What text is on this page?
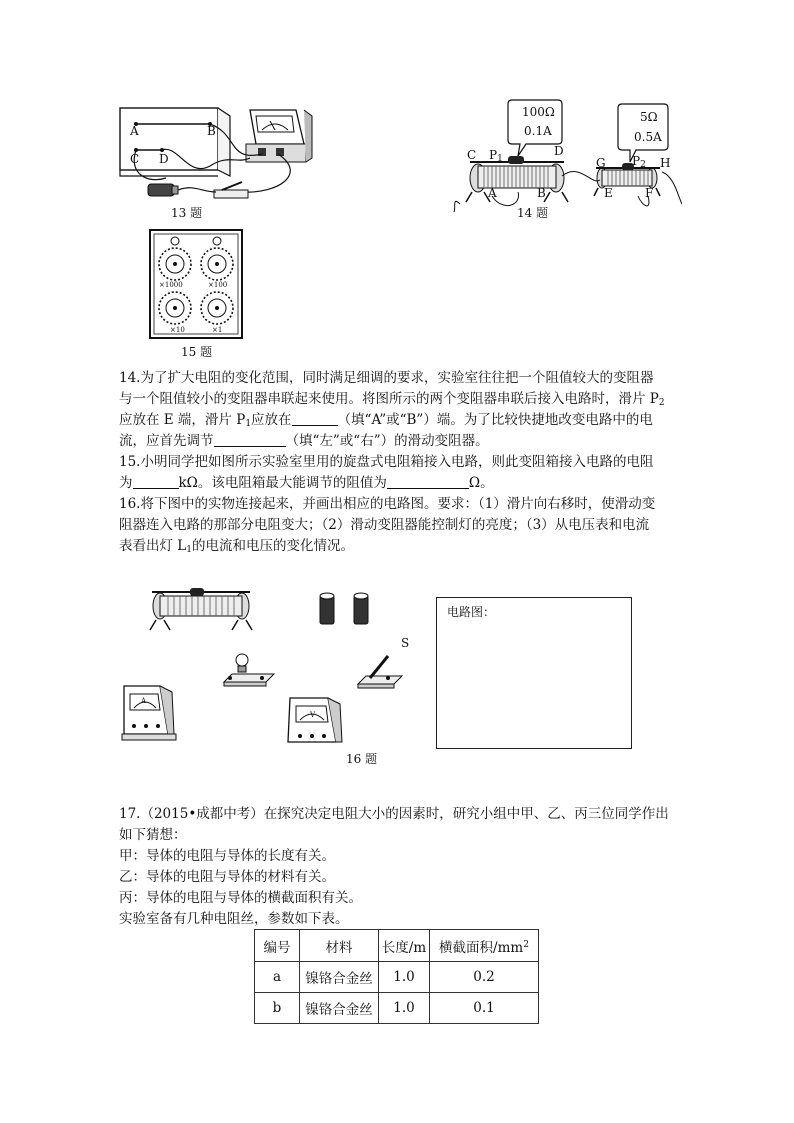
A	B
C D
13 题
100Ω
0.1A
5Ω
0.5A
C $P_1$
D
A	B
G $P_2$ H
E	F
14 题
×1000	×100
×10	×1
15 题
14.为了扩大电阻的变化范围，同时满足细调的要求，实验室往往把一个阻值较大的变阻器
与一个阻值较小的变阻器串联起来使用。将图所示的两个变阻器串联后接入电路时，滑片 $P_2$
应放在 E 端，滑片 $P_1$应放在	（填“A”或“B”）端。为了比较快捷地改变电路中的电
流，应首先调节	（填“左”或“右”）的滑动变阻器。
15.小明同学把如图所示实验室里用的旋盘式电阻箱接入电路，则此变阻箱接入电路的电阻
为	kΩ。该电阻箱最大能调节的阻值为	Ω。
16.将下图中的实物连接起来，并画出相应的电路图。要求：（1）滑片向右移时，使滑动变
阻器连入电路的那部分电阻变大；（2）滑动变阻器能控制灯的亮度；（3）从电压表和电流
表看出灯 $L_1$的电流和电压的变化情况。
S
A
V
16 题
电路图：
17.（2015•成都中考）在探究决定电阻大小的因素时，研究小组中甲、乙、丙三位同学作出
如下猜想：
甲：导体的电阻与导体的长度有关。
乙：导体的电阻与导体的材料有关。
丙：导体的电阻与导体的横截面积有关。
实验室备有几种电阻丝，参数如下表。
编号	材料	长度/m	横截面积$/mm^2$
a	镍铬合金丝	1.0	0.2
b	镍铬合金丝	1.0	0.1
